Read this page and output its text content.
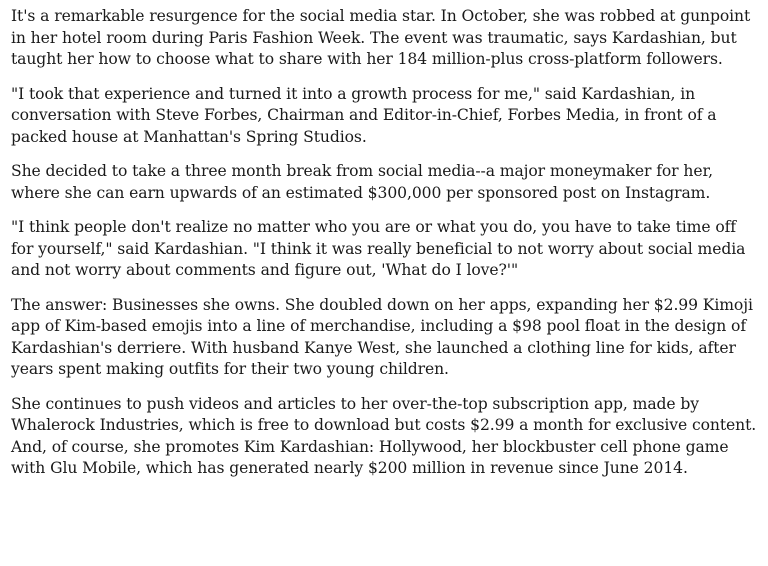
It's a remarkable resurgence for the social media star. In October, she was robbed at gunpoint in her hotel room during Paris Fashion Week. The event was traumatic, says Kardashian, but taught her how to choose what to share with her 184 million-plus cross-platform followers.

"I took that experience and turned it into a growth process for me," said Kardashian, in conversation with Steve Forbes, Chairman and Editor-in-Chief, Forbes Media, in front of a packed house at Manhattan's Spring Studios.

She decided to take a three month break from social media--a major moneymaker for her, where she can earn upwards of an estimated $300,000 per sponsored post on Instagram.

"I think people don't realize no matter who you are or what you do, you have to take time off for yourself," said Kardashian. "I think it was really beneficial to not worry about social media and not worry about comments and figure out, 'What do I love?'"

The answer: Businesses she owns. She doubled down on her apps, expanding her $2.99 Kimoji app of Kim-based emojis into a line of merchandise, including a $98 pool float in the design of Kardashian's derriere. With husband Kanye West, she launched a clothing line for kids, after years spent making outfits for their two young children.

She continues to push videos and articles to her over-the-top subscription app, made by Whalerock Industries, which is free to download but costs $2.99 a month for exclusive content. And, of course, she promotes Kim Kardashian: Hollywood, her blockbuster cell phone game with Glu Mobile, which has generated nearly $200 million in revenue since June 2014.
